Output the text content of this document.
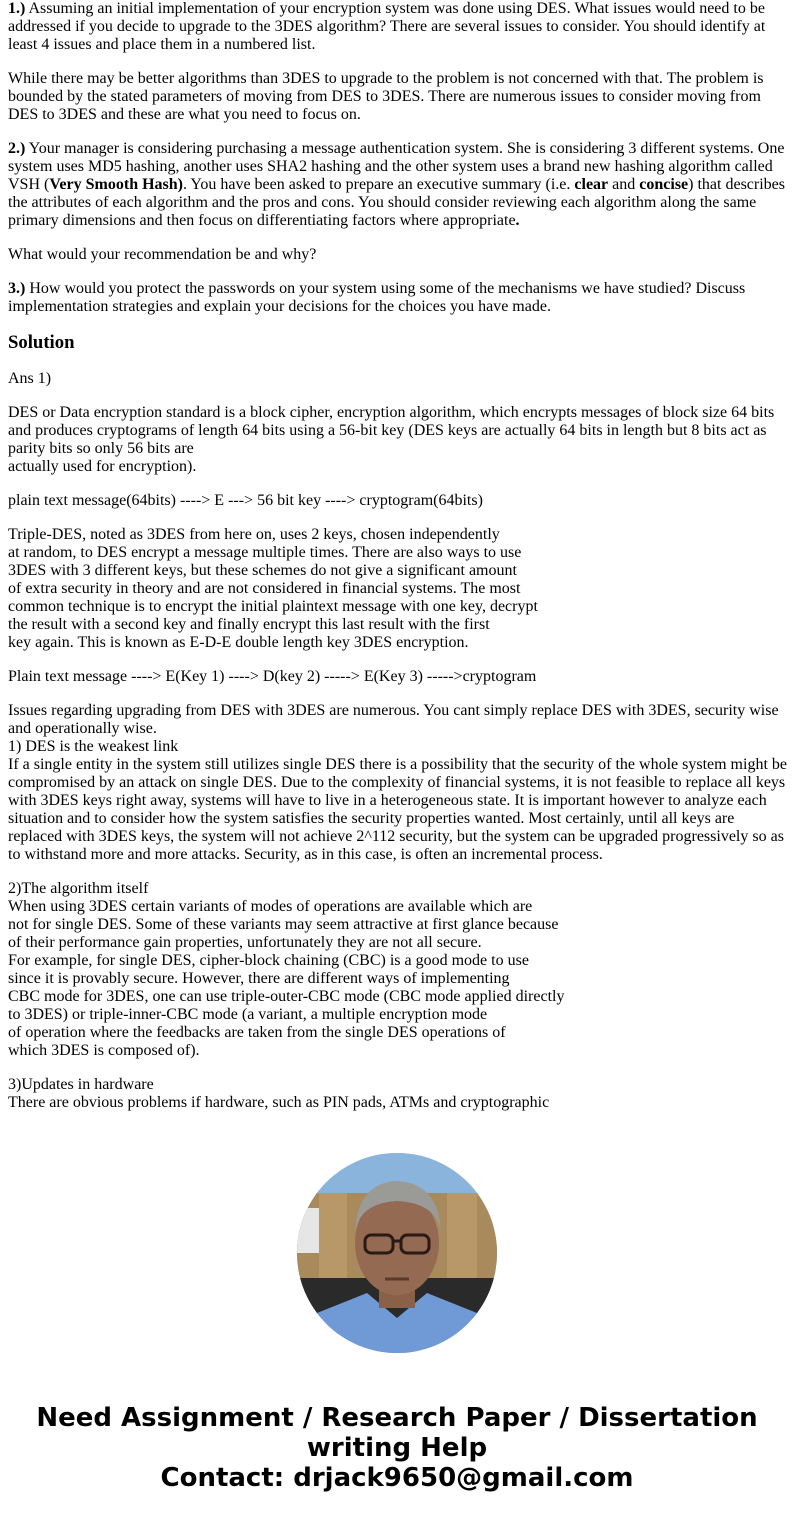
1.) Assuming an initial implementation of your encryption system was done using DES. What issues would need to be addressed if you decide to upgrade to the 3DES algorithm? There are several issues to consider. You should identify at least 4 issues and place them in a numbered list.

While there may be better algorithms than 3DES to upgrade to the problem is not concerned with that. The problem is bounded by the stated parameters of moving from DES to 3DES. There are numerous issues to consider moving from DES to 3DES and these are what you need to focus on.

2.) Your manager is considering purchasing a message authentication system. She is considering 3 different systems. One system uses MD5 hashing, another uses SHA2 hashing and the other system uses a brand new hashing algorithm called VSH (Very Smooth Hash). You have been asked to prepare an executive summary (i.e. clear and concise) that describes the attributes of each algorithm and the pros and cons. You should consider reviewing each algorithm along the same primary dimensions and then focus on differentiating factors where appropriate.

What would your recommendation be and why?

3.) How would you protect the passwords on your system using some of the mechanisms we have studied? Discuss implementation strategies and explain your decisions for the choices you have made.

Solution

Ans 1)

DES or Data encryption standard is a block cipher, encryption algorithm, which encrypts messages of block size 64 bits and produces cryptograms of length 64 bits using a 56-bit key (DES keys are actually 64 bits in length but 8 bits act as parity bits so only 56 bits are
actually used for encryption).

plain text message(64bits) ----> E ---> 56 bit key ----> cryptogram(64bits)

Triple-DES, noted as 3DES from here on, uses 2 keys, chosen independently
at random, to DES encrypt a message multiple times. There are also ways to use
3DES with 3 different keys, but these schemes do not give a significant amount
of extra security in theory and are not considered in financial systems. The most
common technique is to encrypt the initial plaintext message with one key, decrypt
the result with a second key and finally encrypt this last result with the first
key again. This is known as E-D-E double length key 3DES encryption.

Plain text message ----> E(Key 1) ----> D(key 2) -----> E(Key 3) ----->cryptogram

Issues regarding upgrading from DES with 3DES are numerous. You cant simply replace DES with 3DES, security wise and operationally wise.
1) DES is the weakest link
If a single entity in the system still utilizes single DES there is a possibility that the security of the whole system might be compromised by an attack on single DES. Due to the complexity of financial systems, it is not feasible to replace all keys with 3DES keys right away, systems will have to live in a heterogeneous state. It is important however to analyze each situation and to consider how the system satisfies the security properties wanted. Most certainly, until all keys are replaced with 3DES keys, the system will not achieve 2^112 security, but the system can be upgraded progressively so as to withstand more and more attacks. Security, as in this case, is often an incremental process.

2)The algorithm itself
When using 3DES certain variants of modes of operations are available which are
not for single DES. Some of these variants may seem attractive at first glance because
of their performance gain properties, unfortunately they are not all secure.
For example, for single DES, cipher-block chaining (CBC) is a good mode to use
since it is provably secure. However, there are different ways of implementing
CBC mode for 3DES, one can use triple-outer-CBC mode (CBC mode applied directly
to 3DES) or triple-inner-CBC mode (a variant, a multiple encryption mode
of operation where the feedbacks are taken from the single DES operations of
which 3DES is composed of).

3)Updates in hardware
There are obvious problems if hardware, such as PIN pads, ATMs and cryptographic

Need Assignment / Research Paper / Dissertation
writing Help
Contact: drjack9650@gmail.com
